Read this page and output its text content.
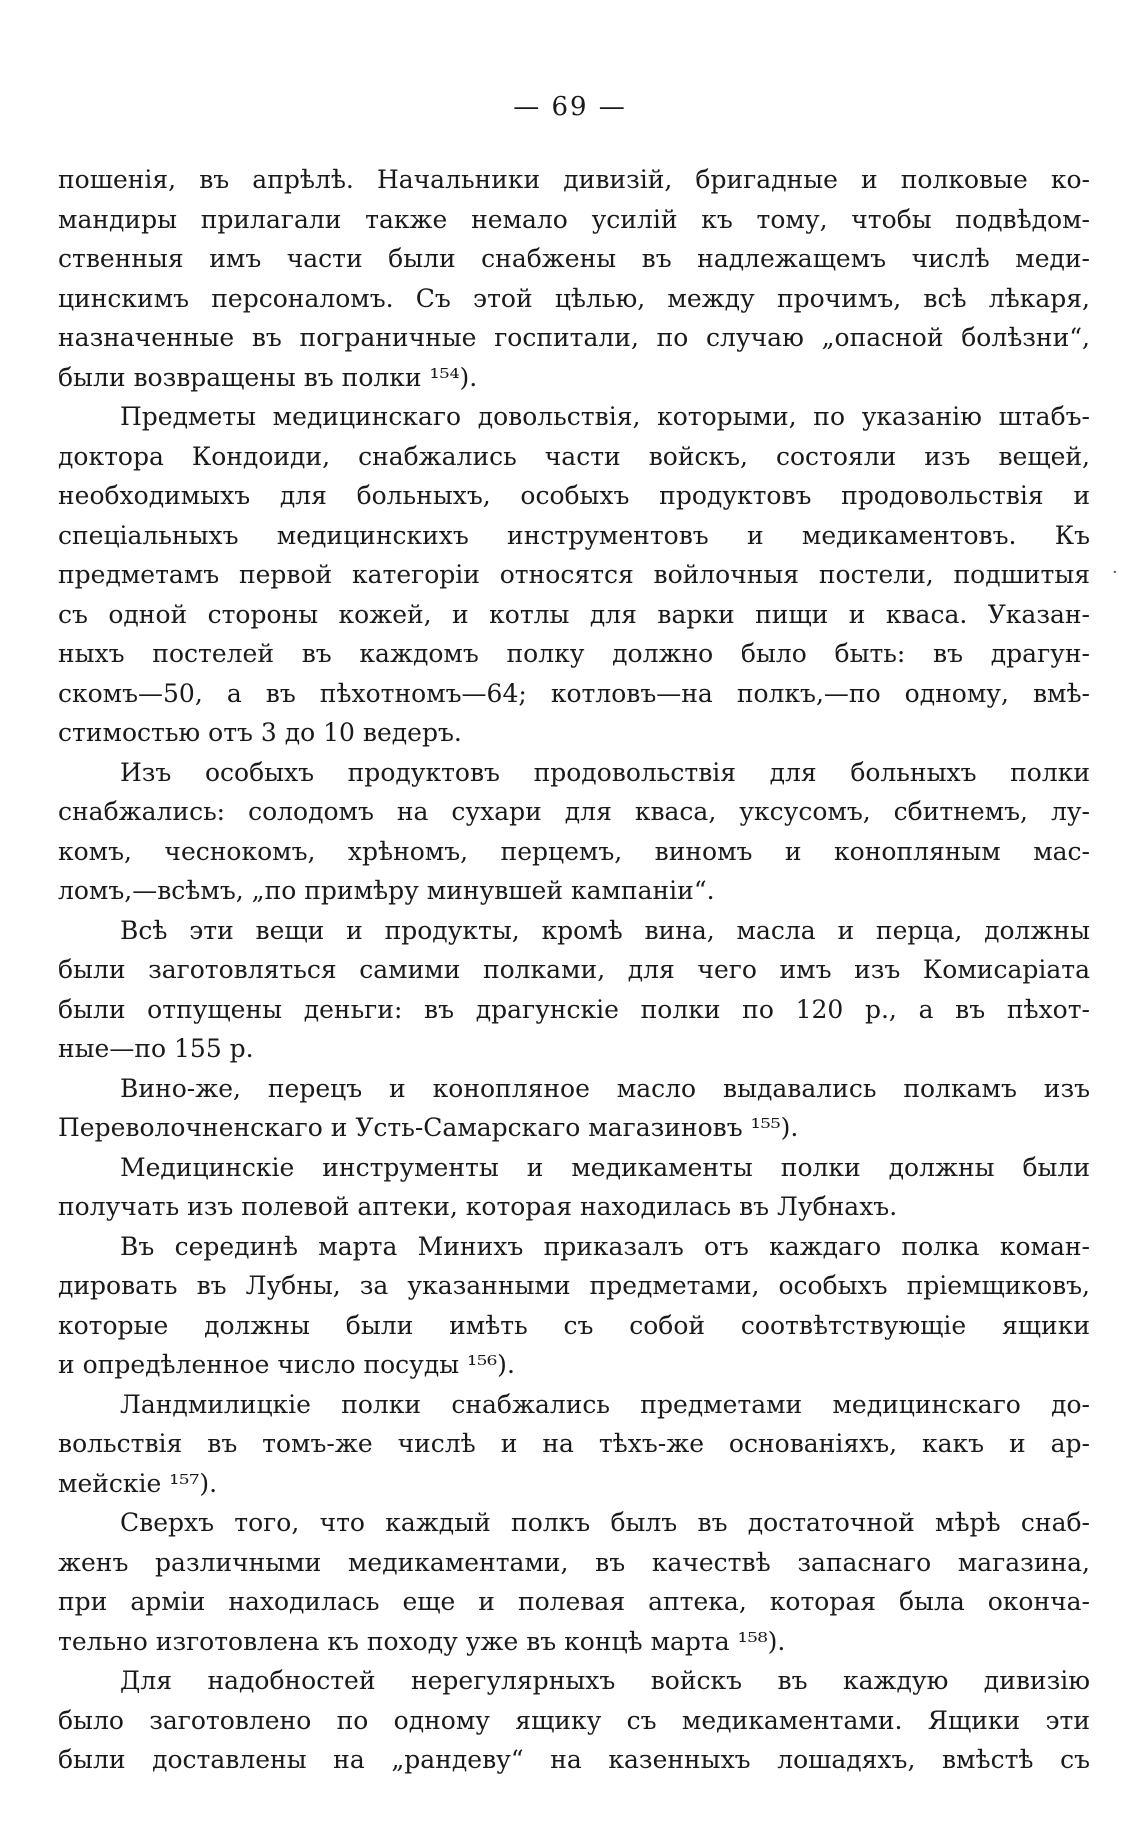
— 69 —
·
пошенія, въ апрѣлѣ. Начальники дивизій, бригадные и полковые ко-
мандиры прилагали также немало усилій къ тому, чтобы подвѣдом-
ственныя имъ части были снабжены въ надлежащемъ числѣ меди-
цинскимъ персоналомъ. Съ этой цѣлью, между прочимъ, всѣ лѣкаря,
назначенные въ пограничные госпитали, по случаю „опасной болѣзни“,
были возвращены въ полки ¹⁵⁴).
Предметы медицинскаго довольствія, которыми, по указанію штабъ-
доктора Кондоиди, снабжались части войскъ, состояли изъ вещей,
необходимыхъ для больныхъ, особыхъ продуктовъ продовольствія и
спеціальныхъ медицинскихъ инструментовъ и медикаментовъ. Къ
предметамъ первой категоріи относятся войлочныя постели, подшитыя
съ одной стороны кожей, и котлы для варки пищи и кваса. Указан-
ныхъ постелей въ каждомъ полку должно было быть: въ драгун-
скомъ—50, а въ пѣхотномъ—64; котловъ—на полкъ,—по одному, вмѣ-
стимостью отъ 3 до 10 ведеръ.
Изъ особыхъ продуктовъ продовольствія для больныхъ полки
снабжались: солодомъ на сухари для кваса, уксусомъ, сбитнемъ, лу-
комъ, чеснокомъ, хрѣномъ, перцемъ, виномъ и конопляным мас-
ломъ,—всѣмъ, „по примѣру минувшей кампаніи“.
Всѣ эти вещи и продукты, кромѣ вина, масла и перца, должны
были заготовляться самими полками, для чего имъ изъ Комисаріата
были отпущены деньги: въ драгунскіе полки по 120 р., а въ пѣхот-
ные—по 155 р.
Вино-же, перецъ и конопляное масло выдавались полкамъ изъ
Переволочненскаго и Усть-Самарскаго магазиновъ ¹⁵⁵).
Медицинскіе инструменты и медикаменты полки должны были
получать изъ полевой аптеки, которая находилась въ Лубнахъ.
Въ серединѣ марта Минихъ приказалъ отъ каждаго полка коман-
дировать въ Лубны, за указанными предметами, особыхъ пріемщиковъ,
которые должны были имѣть съ собой соотвѣтствующіе ящики
и опредѣленное число посуды ¹⁵⁶).
Ландмилицкіе полки снабжались предметами медицинскаго до-
вольствія въ томъ-же числѣ и на тѣхъ-же основаніяхъ, какъ и ар-
мейскіе ¹⁵⁷).
Сверхъ того, что каждый полкъ былъ въ достаточной мѣрѣ снаб-
женъ различными медикаментами, въ качествѣ запаснаго магазина,
при арміи находилась еще и полевая аптека, которая была оконча-
тельно изготовлена къ походу уже въ концѣ марта ¹⁵⁸).
Для надобностей нерегулярныхъ войскъ въ каждую дивизію
было заготовлено по одному ящику съ медикаментами. Ящики эти
были доставлены на „рандеву“ на казенныхъ лошадяхъ, вмѣстѣ съ
